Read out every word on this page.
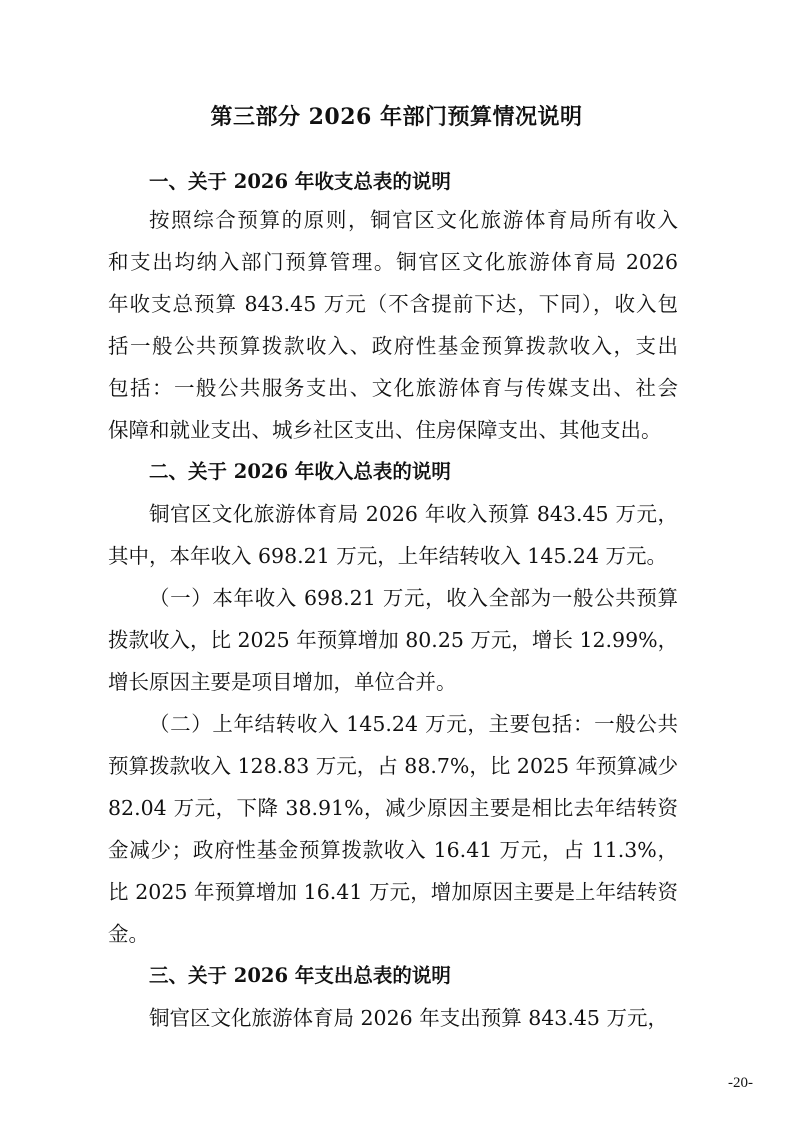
第三部分 2026 年部门预算情况说明
一、关于 2026 年收支总表的说明
按照综合预算的原则，铜官区文化旅游体育局所有收入
和支出均纳入部门预算管理。铜官区文化旅游体育局 2026
年收支总预算 843.45 万元（不含提前下达，下同），收入包
括一般公共预算拨款收入、政府性基金预算拨款收入，支出
包括：一般公共服务支出、文化旅游体育与传媒支出、社会
保障和就业支出、城乡社区支出、住房保障支出、其他支出。
二、关于 2026 年收入总表的说明
铜官区文化旅游体育局 2026 年收入预算 843.45 万元，
其中，本年收入 698.21 万元，上年结转收入 145.24 万元。
（一）本年收入 698.21 万元，收入全部为一般公共预算
拨款收入，比 2025 年预算增加 80.25 万元，增长 12.99%，
增长原因主要是项目增加，单位合并。
（二）上年结转收入 145.24 万元，主要包括：一般公共
预算拨款收入 128.83 万元，占 88.7%，比 2025 年预算减少
82.04 万元，下降 38.91%，减少原因主要是相比去年结转资
金减少；政府性基金预算拨款收入 16.41 万元，占 11.3%，
比 2025 年预算增加 16.41 万元，增加原因主要是上年结转资
金。
三、关于 2026 年支出总表的说明
铜官区文化旅游体育局 2026 年支出预算 843.45 万元，
-20-
